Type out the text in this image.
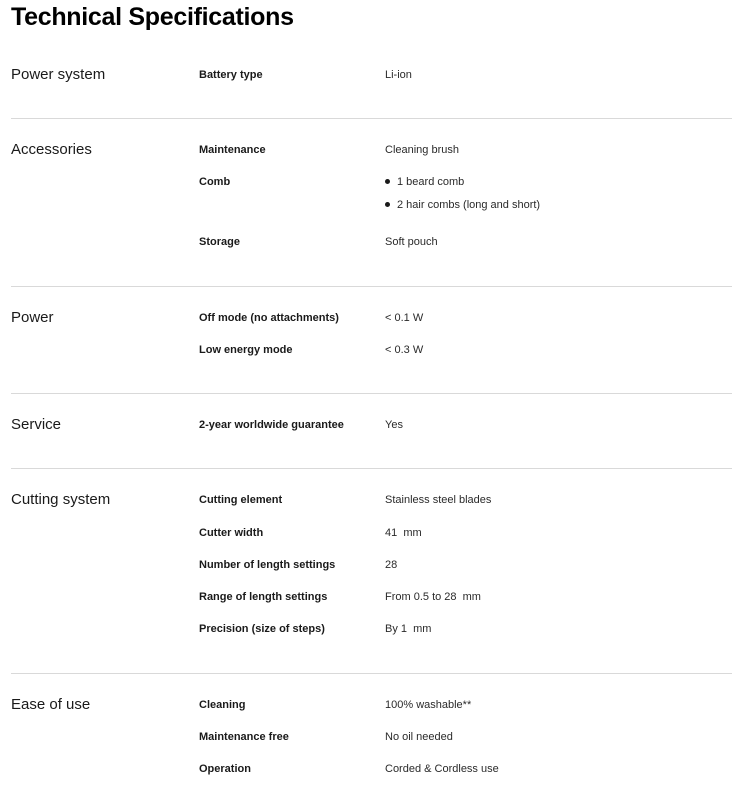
Technical Specifications
Power system	Battery type	Li-ion
Accessories	Maintenance	Cleaning brush
Comb	1 beard comb
2 hair combs (long and short)
Storage	Soft pouch
Power	Off mode (no attachments)	< 0.1 W
Low energy mode	< 0.3 W
Service	2-year worldwide guarantee	Yes
Cutting system	Cutting element	Stainless steel blades
Cutter width	41  mm
Number of length settings	28
Range of length settings	From 0.5 to 28  mm
Precision (size of steps)	By 1  mm
Ease of use	Cleaning	100% washable**
Maintenance free	No oil needed
Operation	Corded & Cordless use
